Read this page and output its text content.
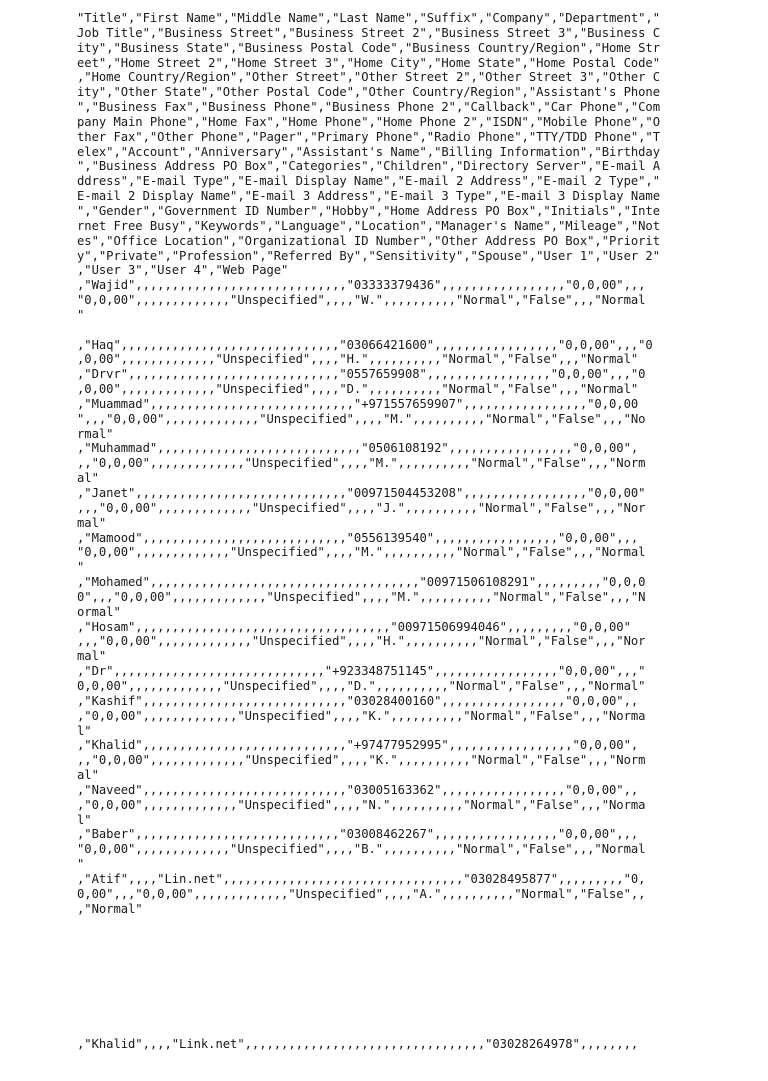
"Title","First Name","Middle Name","Last Name","Suffix","Company","Department","
Job Title","Business Street","Business Street 2","Business Street 3","Business C
ity","Business State","Business Postal Code","Business Country/Region","Home Str
eet","Home Street 2","Home Street 3","Home City","Home State","Home Postal Code"
,"Home Country/Region","Other Street","Other Street 2","Other Street 3","Other C
ity","Other State","Other Postal Code","Other Country/Region","Assistant's Phone
","Business Fax","Business Phone","Business Phone 2","Callback","Car Phone","Com
pany Main Phone","Home Fax","Home Phone","Home Phone 2","ISDN","Mobile Phone","O
ther Fax","Other Phone","Pager","Primary Phone","Radio Phone","TTY/TDD Phone","T
elex","Account","Anniversary","Assistant's Name","Billing Information","Birthday
","Business Address PO Box","Categories","Children","Directory Server","E-mail A
ddress","E-mail Type","E-mail Display Name","E-mail 2 Address","E-mail 2 Type","
E-mail 2 Display Name","E-mail 3 Address","E-mail 3 Type","E-mail 3 Display Name
","Gender","Government ID Number","Hobby","Home Address PO Box","Initials","Inte
rnet Free Busy","Keywords","Language","Location","Manager's Name","Mileage","Not
es","Office Location","Organizational ID Number","Other Address PO Box","Priorit
y","Private","Profession","Referred By","Sensitivity","Spouse","User 1","User 2"
,"User 3","User 4","Web Page"
,"Wajid",,,,,,,,,,,,,,,,,,,,,,,,,,,,,"03333379436",,,,,,,,,,,,,,,,,"0,0,00",,,
"0,0,00",,,,,,,,,,,,,"Unspecified",,,,"W.",,,,,,,,,,"Normal","False",,,"Normal
"
,"Haq",,,,,,,,,,,,,,,,,,,,,,,,,,,,,,"03066421600",,,,,,,,,,,,,,,,,"0,0,00",,,"0
,0,00",,,,,,,,,,,,,"Unspecified",,,,"H.",,,,,,,,,,"Normal","False",,,"Normal"
,"Drvr",,,,,,,,,,,,,,,,,,,,,,,,,,,,,"0557659908",,,,,,,,,,,,,,,,,"0,0,00",,,"0
,0,00",,,,,,,,,,,,,"Unspecified",,,,"D.",,,,,,,,,,"Normal","False",,,"Normal"
,"Muammad",,,,,,,,,,,,,,,,,,,,,,,,,,,,"+971557659907",,,,,,,,,,,,,,,,,"0,0,00
",,,"0,0,00",,,,,,,,,,,,,"Unspecified",,,,"M.",,,,,,,,,,"Normal","False",,,"No
rmal"
,"Muhammad",,,,,,,,,,,,,,,,,,,,,,,,,,,,"0506108192",,,,,,,,,,,,,,,,,"0,0,00",
,,"0,0,00",,,,,,,,,,,,,"Unspecified",,,,"M.",,,,,,,,,,"Normal","False",,,"Norm
al"
,"Janet",,,,,,,,,,,,,,,,,,,,,,,,,,,,,"00971504453208",,,,,,,,,,,,,,,,,"0,0,00"
,,,"0,0,00",,,,,,,,,,,,,"Unspecified",,,,"J.",,,,,,,,,,"Normal","False",,,"Nor
mal"
,"Mamood",,,,,,,,,,,,,,,,,,,,,,,,,,,,"0556139540",,,,,,,,,,,,,,,,,"0,0,00",,,
"0,0,00",,,,,,,,,,,,,"Unspecified",,,,"M.",,,,,,,,,,"Normal","False",,,"Normal
"
,"Mohamed",,,,,,,,,,,,,,,,,,,,,,,,,,,,,,,,,,,,,"00971506108291",,,,,,,,,"0,0,0
0",,,"0,0,00",,,,,,,,,,,,,"Unspecified",,,,"M.",,,,,,,,,,"Normal","False",,,"N
ormal"
,"Hosam",,,,,,,,,,,,,,,,,,,,,,,,,,,,,,,,,,,"00971506994046",,,,,,,,,"0,0,00"
,,,"0,0,00",,,,,,,,,,,,,"Unspecified",,,,"H.",,,,,,,,,,"Normal","False",,,"Nor
mal"
,"Dr",,,,,,,,,,,,,,,,,,,,,,,,,,,,,"+923348751145",,,,,,,,,,,,,,,,,"0,0,00",,,"
0,0,00",,,,,,,,,,,,,"Unspecified",,,,"D.",,,,,,,,,,"Normal","False",,,"Normal"
,"Kashif",,,,,,,,,,,,,,,,,,,,,,,,,,,,"03028400160",,,,,,,,,,,,,,,,,"0,0,00",,
,"0,0,00",,,,,,,,,,,,,"Unspecified",,,,"K.",,,,,,,,,,"Normal","False",,,"Norma
l"
,"Khalid",,,,,,,,,,,,,,,,,,,,,,,,,,,,"+97477952995",,,,,,,,,,,,,,,,,"0,0,00",
,,"0,0,00",,,,,,,,,,,,,"Unspecified",,,,"K.",,,,,,,,,,"Normal","False",,,"Norm
al"
,"Naveed",,,,,,,,,,,,,,,,,,,,,,,,,,,,"03005163362",,,,,,,,,,,,,,,,,"0,0,00",,
,"0,0,00",,,,,,,,,,,,,"Unspecified",,,,"N.",,,,,,,,,,"Normal","False",,,"Norma
l"
,"Baber",,,,,,,,,,,,,,,,,,,,,,,,,,,,"03008462267",,,,,,,,,,,,,,,,,"0,0,00",,,
"0,0,00",,,,,,,,,,,,,"Unspecified",,,,"B.",,,,,,,,,,"Normal","False",,,"Normal
"
,"Atif",,,,"Lin.net",,,,,,,,,,,,,,,,,,,,,,,,,,,,,,,,,"03028495877",,,,,,,,,"0,
0,00",,,"0,0,00",,,,,,,,,,,,,"Unspecified",,,,"A.",,,,,,,,,,"Normal","False",,
,"Normal"

,"Khalid",,,,"Link.net",,,,,,,,,,,,,,,,,,,,,,,,,,,,,,,,,"03028264978",,,,,,,,
